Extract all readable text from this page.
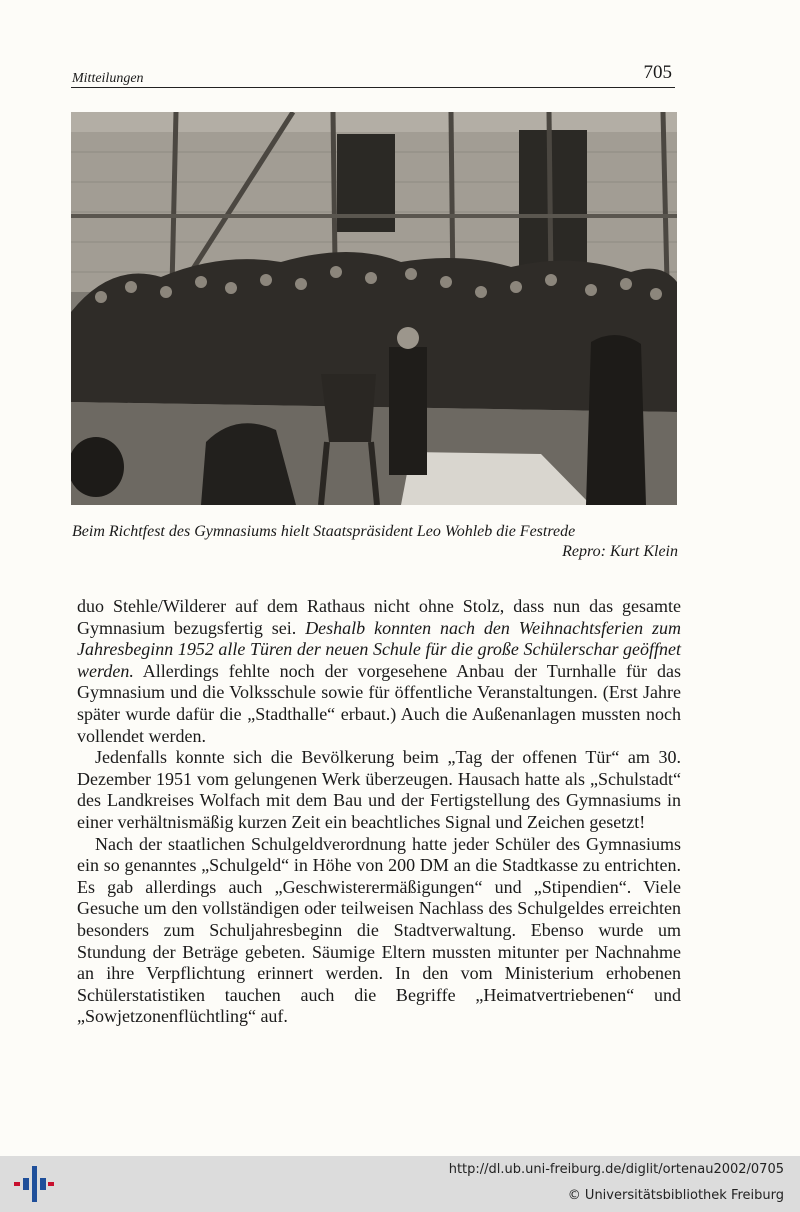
Mitteilungen	705
Beim Richtfest des Gymnasiums hielt Staatspräsident Leo Wohleb die Festrede
Repro: Kurt Klein

duo Stehle/Wilderer auf dem Rathaus nicht ohne Stolz, dass nun das gesamte Gymnasium bezugsfertig sei. Deshalb konnten nach den Weihnachtsferien zum Jahresbeginn 1952 alle Türen der neuen Schule für die große Schülerschar geöffnet werden. Allerdings fehlte noch der vorgesehene Anbau der Turnhalle für das Gymnasium und die Volksschule sowie für öffentliche Veranstaltungen. (Erst Jahre später wurde dafür die „Stadthalle“ erbaut.) Auch die Außenanlagen mussten noch vollendet werden.

Jedenfalls konnte sich die Bevölkerung beim „Tag der offenen Tür“ am 30. Dezember 1951 vom gelungenen Werk überzeugen. Hausach hatte als „Schulstadt“ des Landkreises Wolfach mit dem Bau und der Fertigstellung des Gymnasiums in einer verhältnismäßig kurzen Zeit ein beachtliches Signal und Zeichen gesetzt!

Nach der staatlichen Schulgeldverordnung hatte jeder Schüler des Gymnasiums ein so genanntes „Schulgeld“ in Höhe von 200 DM an die Stadtkasse zu entrichten. Es gab allerdings auch „Geschwisterermäßigungen“ und „Stipendien“. Viele Gesuche um den vollständigen oder teilweisen Nachlass des Schulgeldes erreichten besonders zum Schuljahresbeginn die Stadtverwaltung. Ebenso wurde um Stundung der Beträge gebeten. Säumige Eltern mussten mitunter per Nachnahme an ihre Verpflichtung erinnert werden. In den vom Ministerium erhobenen Schülerstatistiken tauchen auch die Begriffe „Heimatvertriebenen“ und „Sowjetzonenflüchtling“ auf.

http://dl.ub.uni-freiburg.de/diglit/ortenau2002/0705
© Universitätsbibliothek Freiburg
